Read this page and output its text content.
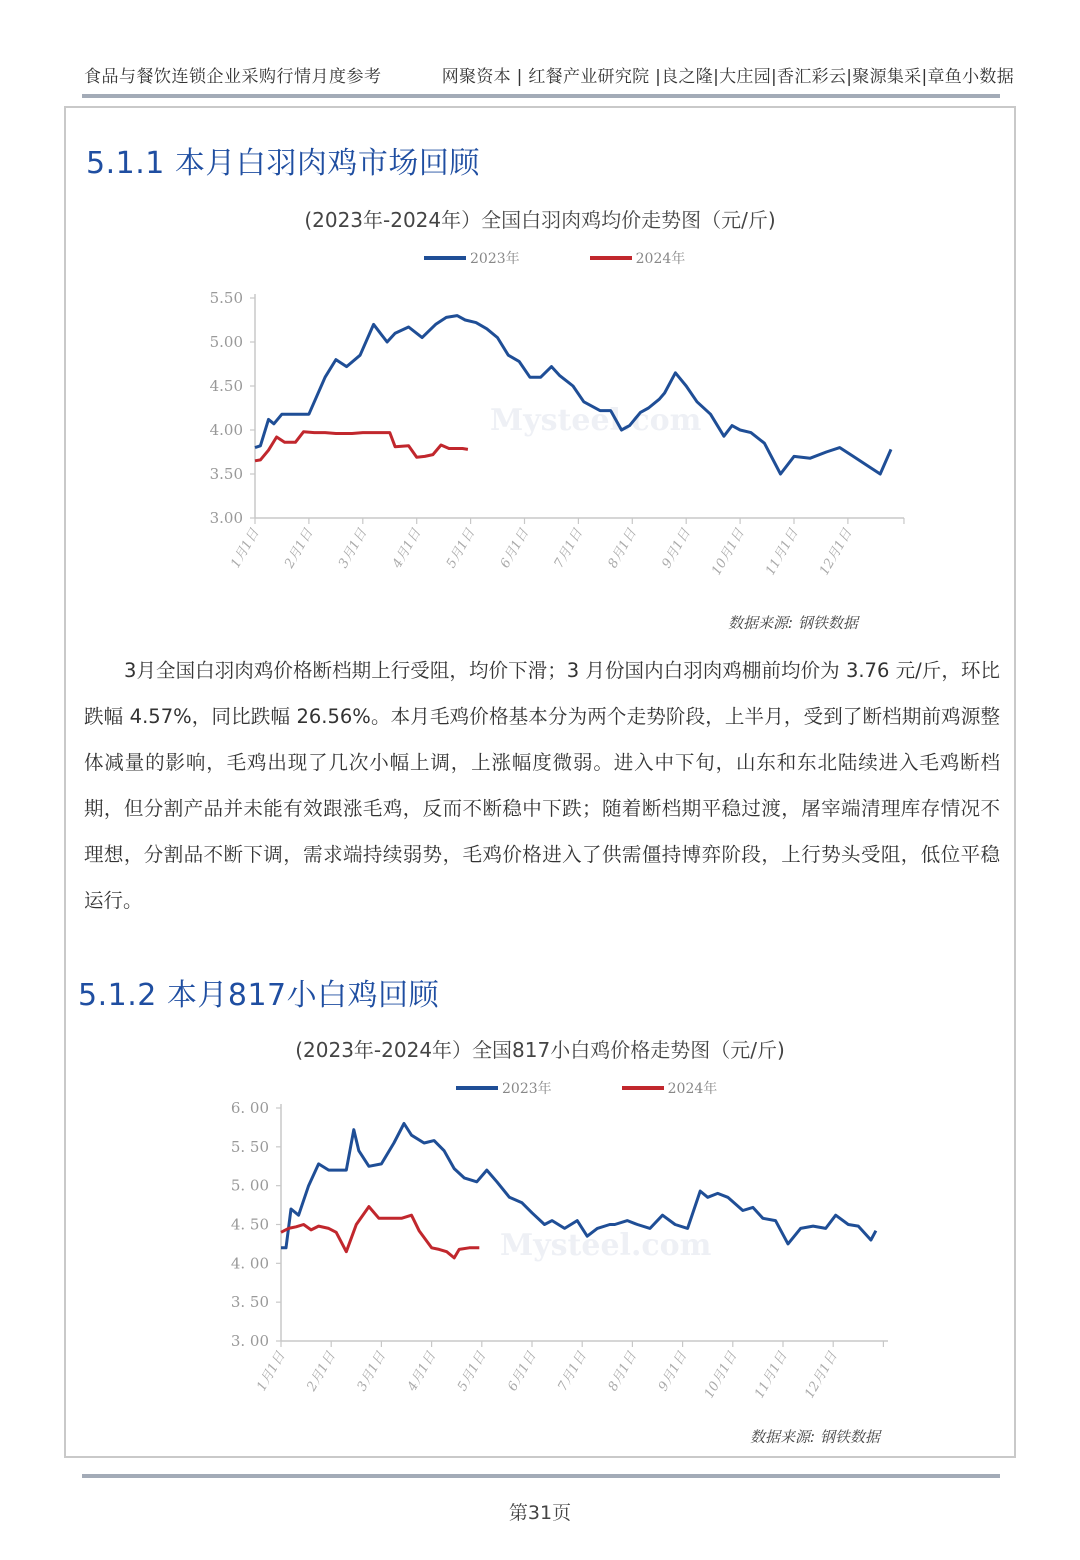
食品与餐饮连锁企业采购行情月度参考	网聚资本 | 红餐产业研究院 |良之隆|大庄园|香汇彩云|聚源集采|章鱼小数据
5.1.1 本月白羽肉鸡市场回顾
(2023年-2024年）全国白羽肉鸡均价走势图（元/斤)
2023年	2024年
3.00
3.50
4.00
4.50
5.00
5.50
1月1日 2月1日 3月1日 4月1日 5月1日 6月1日 7月1日 8月1日 9月1日 10月1日 11月1日 12月1日
Mysteel.com
数据来源: 钢铁数据
3月全国白羽肉鸡价格断档期上行受阻，均价下滑；3 月份国内白羽肉鸡棚前均价为 3.76 元/斤，环比跌幅 4.57%，同比跌幅 26.56%。本月毛鸡价格基本分为两个走势阶段，上半月，受到了断档期前鸡源整体减量的影响，毛鸡出现了几次小幅上调，上涨幅度微弱。进入中下旬，山东和东北陆续进入毛鸡断档期，但分割产品并未能有效跟涨毛鸡，反而不断稳中下跌；随着断档期平稳过渡，屠宰端清理库存情况不理想，分割品不断下调，需求端持续弱势，毛鸡价格进入了供需僵持博弈阶段，上行势头受阻，低位平稳运行。
5.1.2 本月817小白鸡回顾
(2023年-2024年）全国817小白鸡价格走势图（元/斤)
2023年	2024年
3. 00
3. 50
4. 00
4. 50
5. 00
5. 50
6. 00
1月1日 2月1日 3月1日 4月1日 5月1日 6月1日 7月1日 8月1日 9月1日 10月1日 11月1日 12月1日
Mysteel.com
数据来源: 钢铁数据
第31页
